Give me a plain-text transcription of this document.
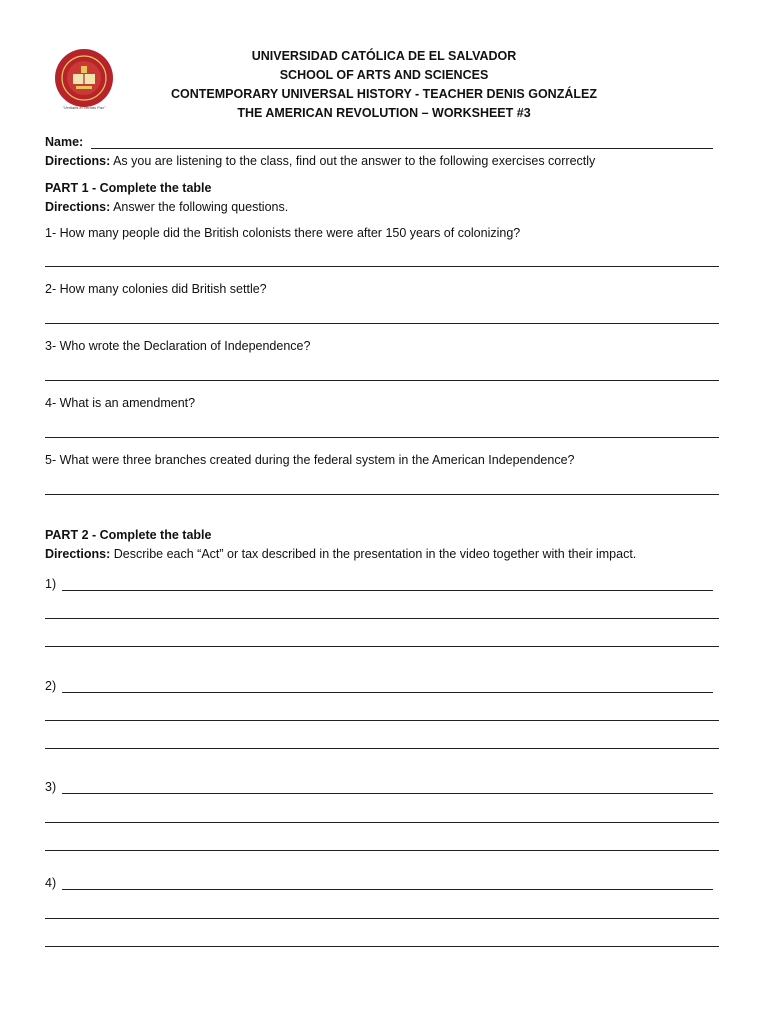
"Veritatis in Veritas Pax"
UNIVERSIDAD CATÓLICA DE EL SALVADOR
SCHOOL OF ARTS AND SCIENCES
CONTEMPORARY UNIVERSAL HISTORY - TEACHER DENIS GONZÁLEZ
THE AMERICAN REVOLUTION – WORKSHEET #3
Name:
Directions: As you are listening to the class, find out the answer to the following exercises correctly
PART 1 - Complete the table
Directions: Answer the following questions.
1- How many people did the British colonists there were after 150 years of colonizing?
2- How many colonies did British settle?
3- Who wrote the Declaration of Independence?
4- What is an amendment?
5- What were three branches created during the federal system in the American Independence?
PART 2 - Complete the table
Directions: Describe each “Act” or tax described in the presentation in the video together with their impact.
1)
2)
3)
4)
